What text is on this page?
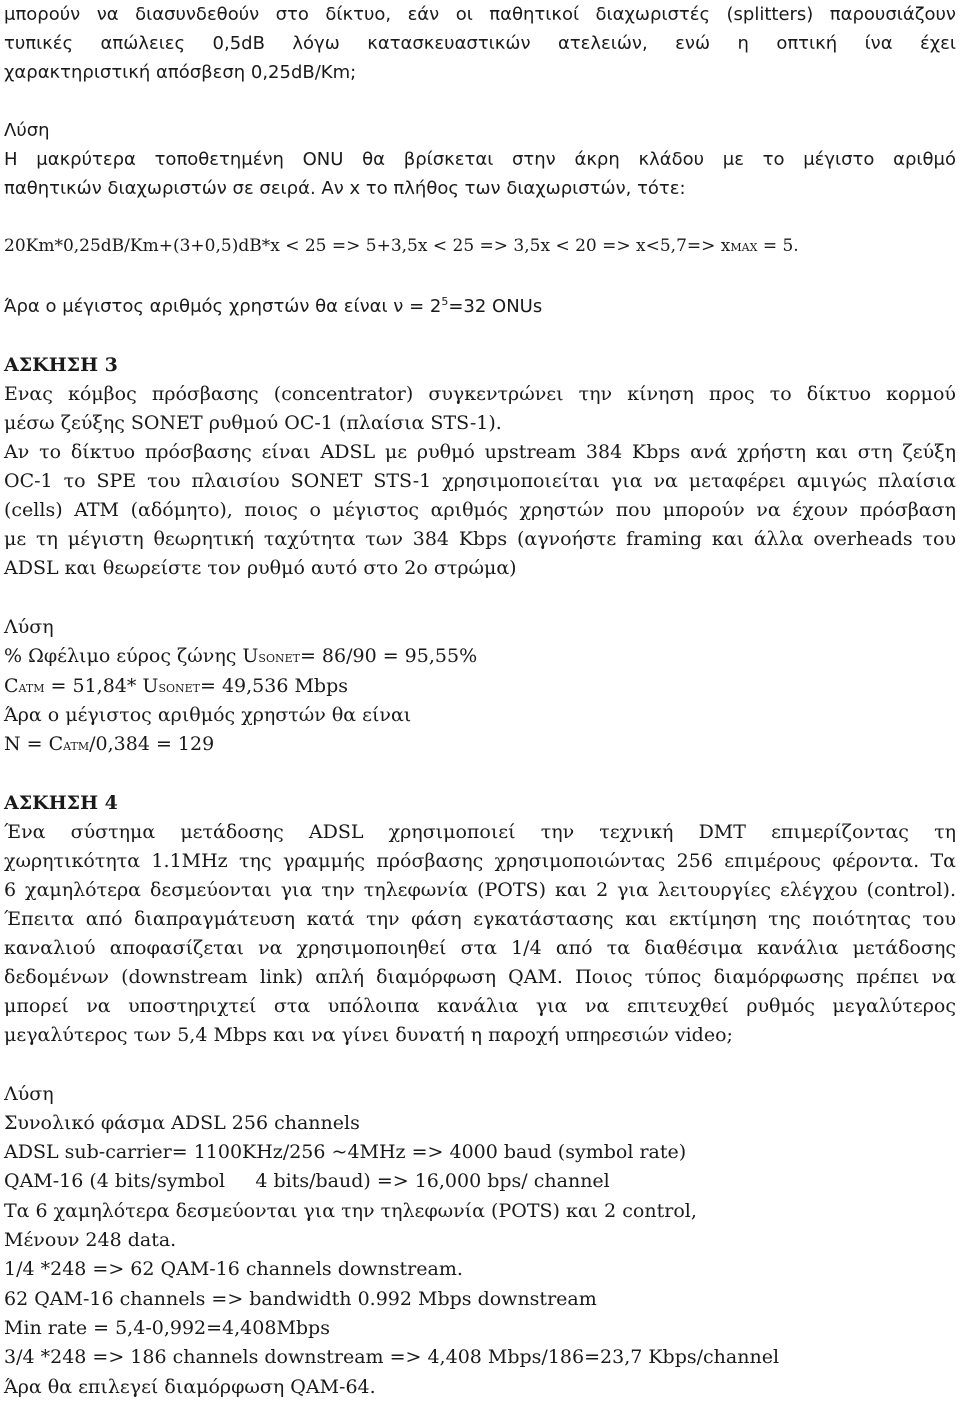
μπορούν να διασυνδεθούν στο δίκτυο, εάν οι παθητικοί διαχωριστές (splitters) παρουσιάζουν
τυπικές απώλειες 0,5dB λόγω κατασκευαστικών ατελειών, ενώ η οπτική ίνα έχει
χαρακτηριστική απόσβεση 0,25dB/Km;
Λύση
Η μακρύτερα τοποθετημένη ONU θα βρίσκεται στην άκρη κλάδου με το μέγιστο αριθμό
παθητικών διαχωριστών σε σειρά. Αν x το πλήθος των διαχωριστών, τότε:
20Km*0,25dB/Km+(3+0,5)dB*x < 25 => 5+3,5x < 25 => 3,5x < 20 => x<5,7=> xMAX = 5.
Άρα ο μέγιστος αριθμός χρηστών θα είναι $\nu = 2^5=32$ ONUs
ΑΣΚΗΣΗ 3
Ενας κόμβος πρόσβασης (concentrator) συγκεντρώνει την κίνηση προς το δίκτυο κορμού
μέσω ζεύξης SONET ρυθμού OC-1 (πλαίσια STS-1).
Αν το δίκτυο πρόσβασης είναι ADSL με ρυθμό upstream 384 Kbps ανά χρήστη και στη ζεύξη
OC-1 το SPE του πλαισίου SONET STS-1 χρησιμοποιείται για να μεταφέρει αμιγώς πλαίσια
(cells) ATM (αδόμητο), ποιος ο μέγιστος αριθμός χρηστών που μπορούν να έχουν πρόσβαση
με τη μέγιστη θεωρητική ταχύτητα των 384 Kbps (αγνοήστε framing και άλλα overheads του
ADSL και θεωρείστε τον ρυθμό αυτό στο 2ο στρώμα)
Λύση
% Ωφέλιμο εύρος ζώνης USONET= 86/90 = 95,55%
CATM = 51,84* USONET= 49,536 Mbps
Άρα ο μέγιστος αριθμός χρηστών θα είναι
N = CATM/0,384 = 129
ΑΣΚΗΣΗ 4
Ένα σύστημα μετάδοσης ADSL χρησιμοποιεί την τεχνική DMT επιμερίζοντας τη
χωρητικότητα 1.1MHz της γραμμής πρόσβασης χρησιμοποιώντας 256 επιμέρους φέροντα. Τα
6 χαμηλότερα δεσμεύονται για την τηλεφωνία (POTS) και 2 για λειτουργίες ελέγχου (control).
Έπειτα από διαπραγμάτευση κατά την φάση εγκατάστασης και εκτίμηση της ποιότητας του
καναλιού αποφασίζεται να χρησιμοποιηθεί στα 1/4 από τα διαθέσιμα κανάλια μετάδοσης
δεδομένων (downstream link) απλή διαμόρφωση QAM. Ποιος τύπος διαμόρφωσης πρέπει να
μπορεί να υποστηριχτεί στα υπόλοιπα κανάλια για να επιτευχθεί ρυθμός μεγαλύτερος
μεγαλύτερος των 5,4 Mbps και να γίνει δυνατή η παροχή υπηρεσιών video;
Λύση
Συνολικό φάσμα ADSL 256 channels
ADSL sub-carrier= 1100KHz/256 ~4MHz => 4000 baud (symbol rate)
QAM-16 (4 bits/symbol     4 bits/baud) => 16,000 bps/ channel
Τα 6 χαμηλότερα δεσμεύονται για την τηλεφωνία (POTS) και 2 control,
Μένουν 248 data.
1/4 *248 => 62 QAM-16 channels downstream.
62 QAM-16 channels => bandwidth 0.992 Mbps downstream
Min rate = 5,4-0,992=4,408Mbps
3/4 *248 => 186 channels downstream => 4,408 Mbps/186=23,7 Kbps/channel
Άρα θα επιλεγεί διαμόρφωση QAM-64.
